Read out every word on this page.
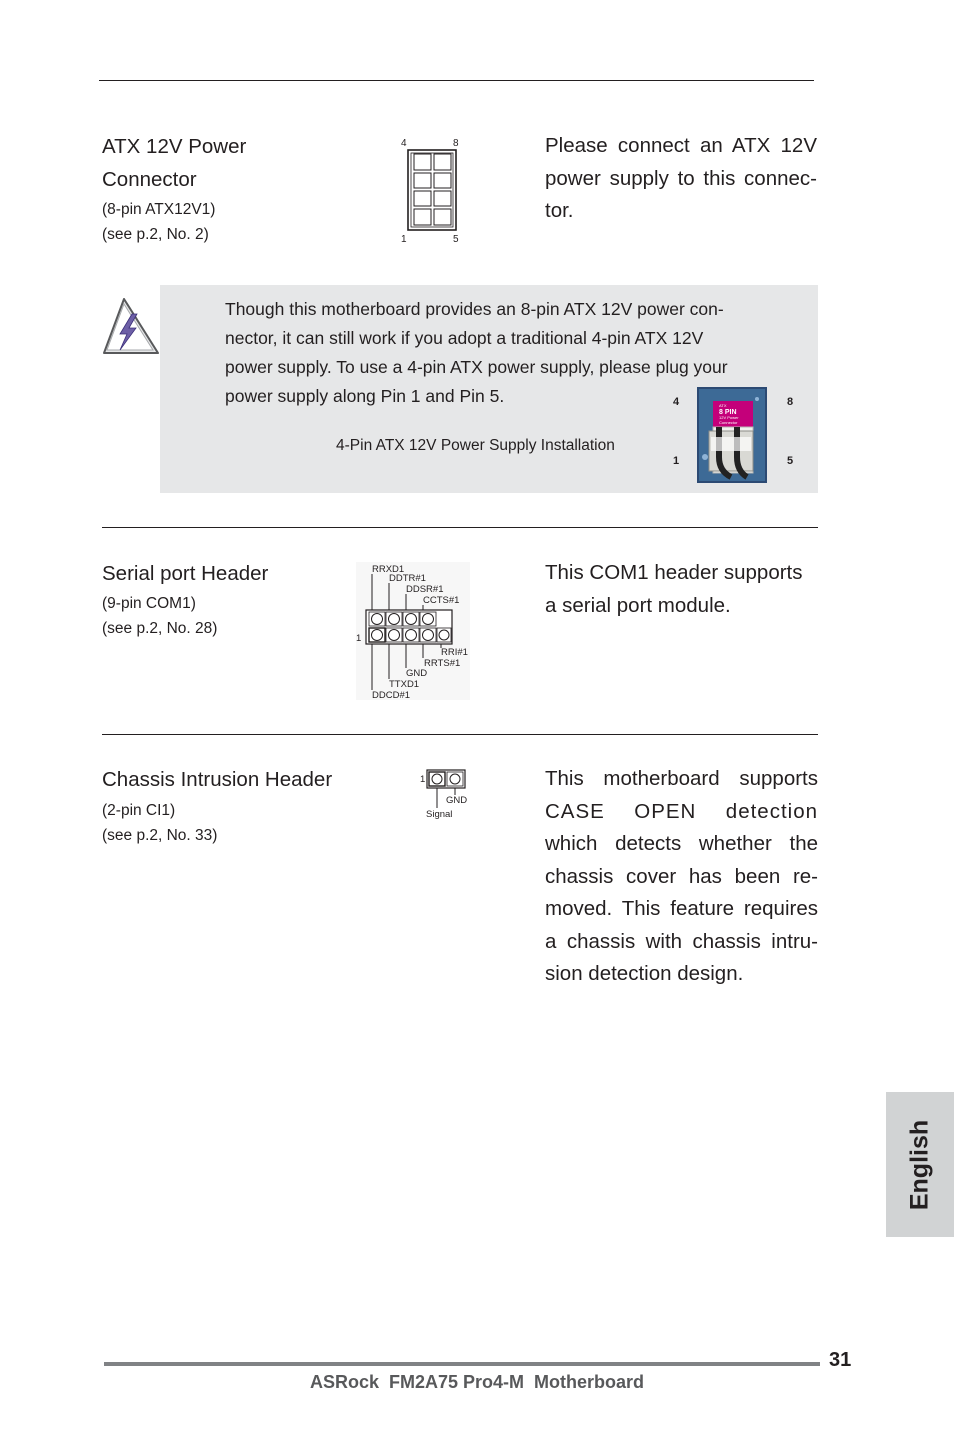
ATX 12V Power
Connector
(8-pin ATX12V1)
(see p.2, No. 2)
4	8
1	5
Please connect an ATX 12V
power supply to this connec-
tor.
Though this motherboard provides an 8-pin ATX 12V power con-
nector, it can still work if you adopt a traditional 4-pin ATX 12V
power supply. To use a 4-pin ATX power supply, please plug your
power supply along Pin 1 and Pin 5.
4-Pin ATX 12V Power Supply Installation
4	8
1	5
ATX
8 PIN
12V Power
Connector
Serial port Header
(9-pin COM1)
(see p.2, No. 28)
RRXD1
DDTR#1
DDSR#1
CCTS#1
1
RRI#1
RRTS#1
GND
TTXD1
DDCD#1
This COM1 header supports
a serial port module.
Chassis Intrusion Header
(2-pin CI1)
(see p.2, No. 33)
1
GND
Signal
This motherboard supports
CASE OPEN detection
which detects whether the
chassis cover has been re-
moved. This feature requires
a chassis with chassis intru-
sion detection design.
English
31
ASRock  FM2A75 Pro4-M  Motherboard
